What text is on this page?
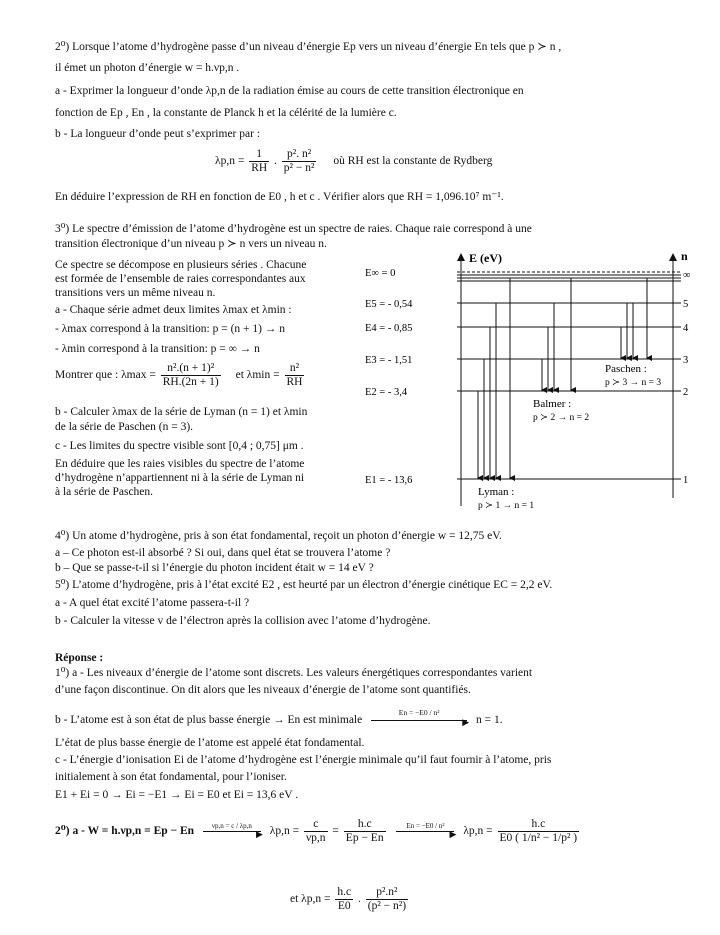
2⁰) Lorsque l’atome d’hydrogène passe d’un niveau d’énergie Ep vers un niveau d’énergie En tels que p ≻ n ,
il émet un photon d’énergie w = h.νp,n .
a - Exprimer la longueur d’onde λp,n de la radiation émise au cours de cette transition électronique en
fonction de Ep , En , la constante de Planck h et la célérité de la lumière c.
b - La longueur d’onde peut s’exprimer par :
$\lambda p,n = \frac{1}{RH}$ . $\frac{\text{p². n²}}{\text{p² − n²}}$ où RH est la constante de Rydberg
En déduire l’expression de RH en fonction de E0 , h et c . Vérifier alors que RH = 1,096.10⁷ m⁻¹.
3⁰) Le spectre d’émission de l’atome d’hydrogène est un spectre de raies. Chaque raie correspond à une
transition électronique d’un niveau p ≻ n vers un niveau n.
Ce spectre se décompose en plusieurs séries . Chacune
est formée de l’ensemble de raies correspondantes aux
transitions vers un même niveau n.
a - Chaque série admet deux limites λmax et λmin :
- λmax correspond à la transition: p = (n + 1) → n
- λmin correspond à la transition: p = ∞ → n
Montrer que : $\lambda\max = \frac{\text{n².(n + 1)²}}{RH.(2n + 1)}$ et $\lambda\min = \frac{\text{n²}}{RH}$
b - Calculer λmax de la série de Lyman (n = 1) et λmin
de la série de Paschen (n = 3).
c - Les limites du spectre visible sont [0,4 ; 0,75] μm .
En déduire que les raies visibles du spectre de l’atome
d’hydrogène n’appartiennent ni à la série de Lyman ni
à la série de Paschen.
E (eV)	n
E∞ = 0	∞
E5 = - 0,54	5
E4 = - 0,85	4
E3 = - 1,51	3
E2 = - 3,4	2
E1 = - 13,6	1
Lyman :
p ≻ 1 → n = 1
Balmer :
p ≻ 2 → n = 2
Paschen :
p ≻ 3 → n = 3
4⁰) Un atome d’hydrogène, pris à son état fondamental, reçoit un photon d’énergie w = 12,75 eV.
a – Ce photon est-il absorbé ? Si oui, dans quel état se trouvera l’atome ?
b – Que se passe-t-il si l’énergie du photon incident était w = 14 eV ?
5⁰) L’atome d’hydrogène, pris à l’état excité E2 , est heurté par un électron d’énergie cinétique EC = 2,2 eV.
a - A quel état excité l’atome passera-t-il ?
b - Calculer la vitesse v de l’électron après la collision avec l’atome d’hydrogène.
Réponse :
1⁰) a - Les niveaux d’énergie de l’atome sont discrets. Les valeurs énergétiques correspondantes varient
d’une façon discontinue. On dit alors que les niveaux d’énergie de l’atome sont quantifiés.
b - L’atome est à son état de plus basse énergie → En est minimale
En = −E0 / n²
▶ n = 1.
L’état de plus basse énergie de l’atome est appelé état fondamental.
c - L’énergie d’ionisation Ei de l’atome d’hydrogène est l’énergie minimale qu’il faut fournir à l’atome, pris
initialement à son état fondamental, pour l’ioniser.
E1 + Ei = 0 → Ei = −E1 → Ei = E0 et Ei = 13,6 eV .
2⁰) a - W = h.νp,n = Ep − En	νp,n = c / λp,n
▶ $\lambda p,n = \frac{c}{\nu p,n} = \frac{h.c}{Ep - En}$
	En = −E0 / n²
▶ $\lambda p,n = \frac{h.c}{\text{E0 ( 1/n² − 1/p² )}}$
et $\lambda p,n = \frac{h.c}{E0}$ . $\frac{\text{p².n²}}{\text{(p² − n²)}}$
